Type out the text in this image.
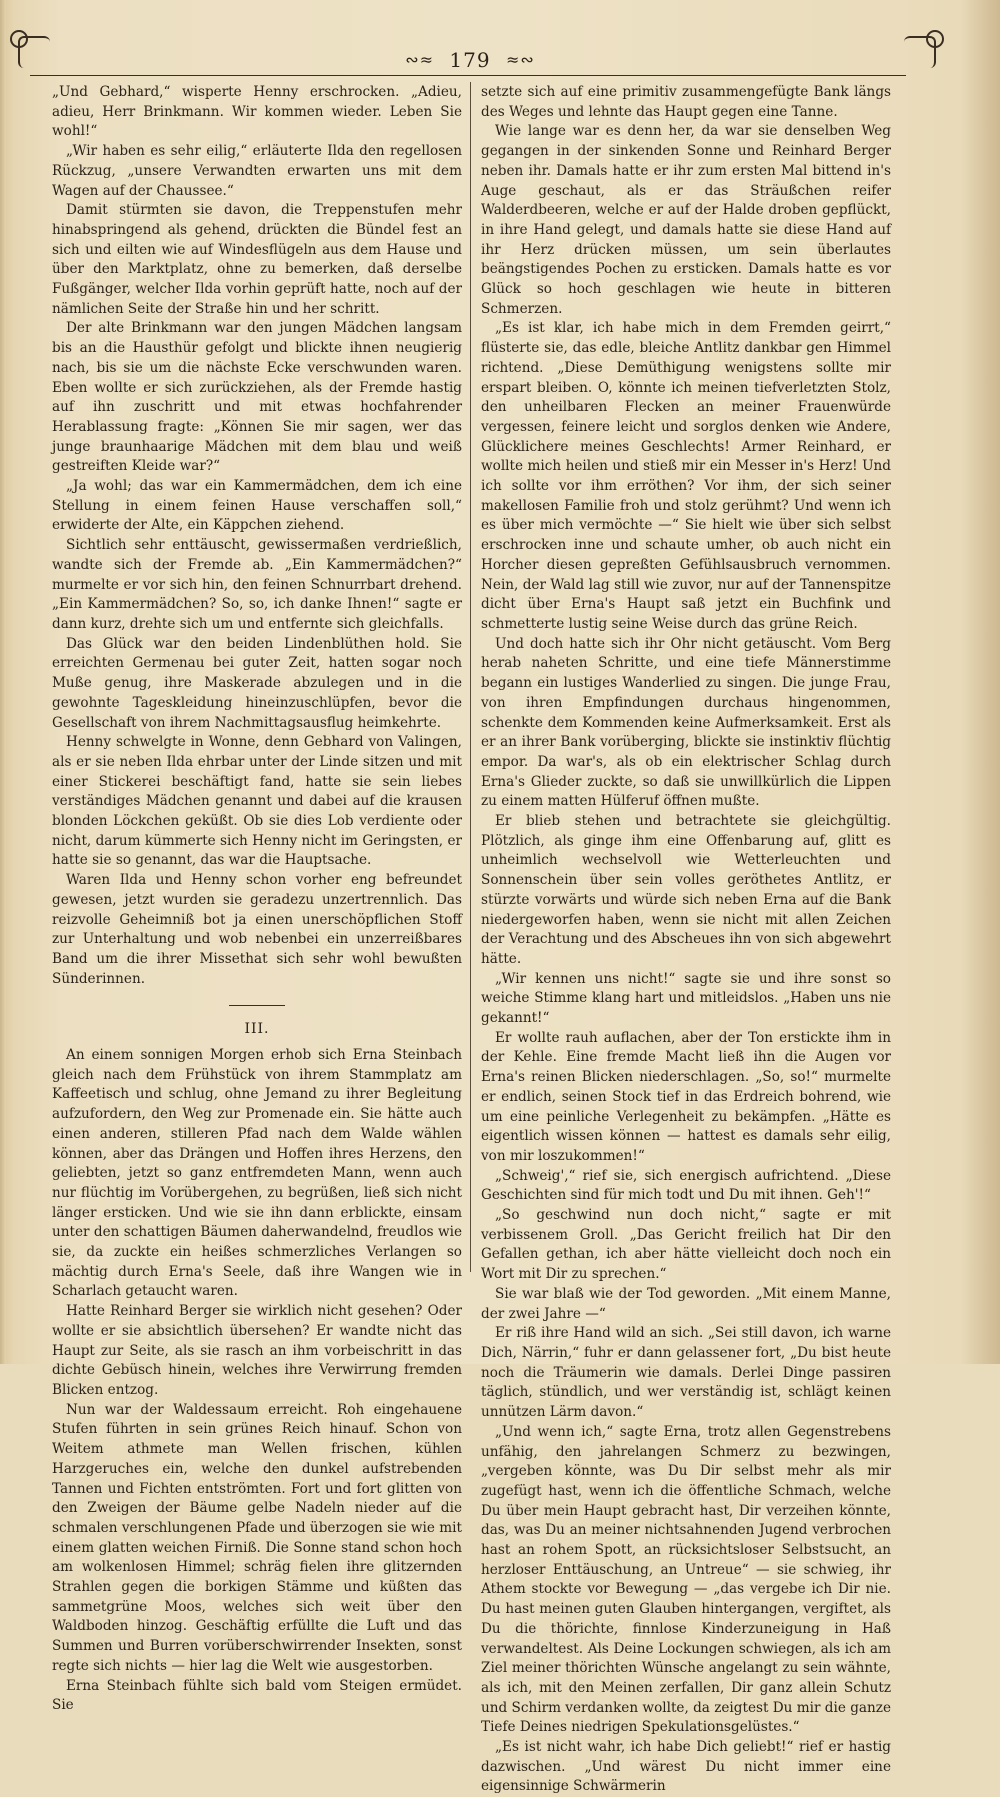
∾≈ 179 ≈∾

„Und Gebhard,“ wisperte Henny erschrocken. „Adieu, adieu, Herr Brinkmann. Wir kommen wieder. Leben Sie wohl!“

„Wir haben es sehr eilig,“ erläuterte Ilda den regellosen Rückzug, „unsere Verwandten erwarten uns mit dem Wagen auf der Chaussee.“

Damit stürmten sie davon, die Treppenstufen mehr hinabspringend als gehend, drückten die Bündel fest an sich und eilten wie auf Windesflügeln aus dem Hause und über den Marktplatz, ohne zu bemerken, daß derselbe Fußgänger, welcher Ilda vorhin geprüft hatte, noch auf der nämlichen Seite der Straße hin und her schritt.

Der alte Brinkmann war den jungen Mädchen langsam bis an die Hausthür gefolgt und blickte ihnen neugierig nach, bis sie um die nächste Ecke verschwunden waren. Eben wollte er sich zurückziehen, als der Fremde hastig auf ihn zuschritt und mit etwas hochfahrender Herablassung fragte: „Können Sie mir sagen, wer das junge braunhaarige Mädchen mit dem blau und weiß gestreiften Kleide war?“

„Ja wohl; das war ein Kammermädchen, dem ich eine Stellung in einem feinen Hause verschaffen soll,“ erwiderte der Alte, ein Käppchen ziehend.

Sichtlich sehr enttäuscht, gewissermaßen verdrießlich, wandte sich der Fremde ab. „Ein Kammermädchen?“ murmelte er vor sich hin, den feinen Schnurrbart drehend. „Ein Kammermädchen? So, so, ich danke Ihnen!“ sagte er dann kurz, drehte sich um und entfernte sich gleichfalls.

Das Glück war den beiden Lindenblüthen hold. Sie erreichten Germenau bei guter Zeit, hatten sogar noch Muße genug, ihre Maskerade abzulegen und in die gewohnte Tageskleidung hineinzuschlüpfen, bevor die Gesellschaft von ihrem Nachmittagsausflug heimkehrte.

Henny schwelgte in Wonne, denn Gebhard von Valingen, als er sie neben Ilda ehrbar unter der Linde sitzen und mit einer Stickerei beschäftigt fand, hatte sie sein liebes verständiges Mädchen genannt und dabei auf die krausen blonden Löckchen geküßt. Ob sie dies Lob verdiente oder nicht, darum kümmerte sich Henny nicht im Geringsten, er hatte sie so genannt, das war die Hauptsache.

Waren Ilda und Henny schon vorher eng befreundet gewesen, jetzt wurden sie geradezu unzertrennlich. Das reizvolle Geheimniß bot ja einen unerschöpflichen Stoff zur Unterhaltung und wob nebenbei ein unzerreißbares Band um die ihrer Missethat sich sehr wohl bewußten Sünderinnen.

III.

An einem sonnigen Morgen erhob sich Erna Steinbach gleich nach dem Frühstück von ihrem Stammplatz am Kaffeetisch und schlug, ohne Jemand zu ihrer Begleitung aufzufordern, den Weg zur Promenade ein. Sie hätte auch einen anderen, stilleren Pfad nach dem Walde wählen können, aber das Drängen und Hoffen ihres Herzens, den geliebten, jetzt so ganz entfremdeten Mann, wenn auch nur flüchtig im Vorübergehen, zu begrüßen, ließ sich nicht länger ersticken. Und wie sie ihn dann erblickte, einsam unter den schattigen Bäumen daherwandelnd, freudlos wie sie, da zuckte ein heißes schmerzliches Verlangen so mächtig durch Erna's Seele, daß ihre Wangen wie in Scharlach getaucht waren.

Hatte Reinhard Berger sie wirklich nicht gesehen? Oder wollte er sie absichtlich übersehen? Er wandte nicht das Haupt zur Seite, als sie rasch an ihm vorbeischritt in das dichte Gebüsch hinein, welches ihre Verwirrung fremden Blicken entzog.

Nun war der Waldessaum erreicht. Roh eingehauene Stufen führten in sein grünes Reich hinauf. Schon von Weitem athmete man Wellen frischen, kühlen Harzgeruches ein, welche den dunkel aufstrebenden Tannen und Fichten entströmten. Fort und fort glitten von den Zweigen der Bäume gelbe Nadeln nieder auf die schmalen verschlungenen Pfade und überzogen sie wie mit einem glatten weichen Firniß. Die Sonne stand schon hoch am wolkenlosen Himmel; schräg fielen ihre glitzernden Strahlen gegen die borkigen Stämme und küßten das sammetgrüne Moos, welches sich weit über den Waldboden hinzog. Geschäftig erfüllte die Luft und das Summen und Burren vorüberschwirrender Insekten, sonst regte sich nichts — hier lag die Welt wie ausgestorben.

Erna Steinbach fühlte sich bald vom Steigen ermüdet. Sie

setzte sich auf eine primitiv zusammengefügte Bank längs des Weges und lehnte das Haupt gegen eine Tanne.

Wie lange war es denn her, da war sie denselben Weg gegangen in der sinkenden Sonne und Reinhard Berger neben ihr. Damals hatte er ihr zum ersten Mal bittend in's Auge geschaut, als er das Sträußchen reifer Walderdbeeren, welche er auf der Halde droben gepflückt, in ihre Hand gelegt, und damals hatte sie diese Hand auf ihr Herz drücken müssen, um sein überlautes beängstigendes Pochen zu ersticken. Damals hatte es vor Glück so hoch geschlagen wie heute in bitteren Schmerzen.

„Es ist klar, ich habe mich in dem Fremden geirrt,“ flüsterte sie, das edle, bleiche Antlitz dankbar gen Himmel richtend. „Diese Demüthigung wenigstens sollte mir erspart bleiben. O, könnte ich meinen tiefverletzten Stolz, den unheilbaren Flecken an meiner Frauenwürde vergessen, feinere leicht und sorglos denken wie Andere, Glücklichere meines Geschlechts! Armer Reinhard, er wollte mich heilen und stieß mir ein Messer in's Herz! Und ich sollte vor ihm erröthen? Vor ihm, der sich seiner makellosen Familie froh und stolz gerühmt? Und wenn ich es über mich vermöchte —“ Sie hielt wie über sich selbst erschrocken inne und schaute umher, ob auch nicht ein Horcher diesen gepreßten Gefühlsausbruch vernommen. Nein, der Wald lag still wie zuvor, nur auf der Tannenspitze dicht über Erna's Haupt saß jetzt ein Buchfink und schmetterte lustig seine Weise durch das grüne Reich.

Und doch hatte sich ihr Ohr nicht getäuscht. Vom Berg herab naheten Schritte, und eine tiefe Männerstimme begann ein lustiges Wanderlied zu singen. Die junge Frau, von ihren Empfindungen durchaus hingenommen, schenkte dem Kommenden keine Aufmerksamkeit. Erst als er an ihrer Bank vorüberging, blickte sie instinktiv flüchtig empor. Da war's, als ob ein elektrischer Schlag durch Erna's Glieder zuckte, so daß sie unwillkürlich die Lippen zu einem matten Hülferuf öffnen mußte.

Er blieb stehen und betrachtete sie gleichgültig. Plötzlich, als ginge ihm eine Offenbarung auf, glitt es unheimlich wechselvoll wie Wetterleuchten und Sonnenschein über sein volles geröthetes Antlitz, er stürzte vorwärts und würde sich neben Erna auf die Bank niedergeworfen haben, wenn sie nicht mit allen Zeichen der Verachtung und des Abscheues ihn von sich abgewehrt hätte.

„Wir kennen uns nicht!“ sagte sie und ihre sonst so weiche Stimme klang hart und mitleidslos. „Haben uns nie gekannt!“

Er wollte rauh auflachen, aber der Ton erstickte ihm in der Kehle. Eine fremde Macht ließ ihn die Augen vor Erna's reinen Blicken niederschlagen. „So, so!“ murmelte er endlich, seinen Stock tief in das Erdreich bohrend, wie um eine peinliche Verlegenheit zu bekämpfen. „Hätte es eigentlich wissen können — hattest es damals sehr eilig, von mir loszukommen!“

„Schweig',“ rief sie, sich energisch aufrichtend. „Diese Geschichten sind für mich todt und Du mit ihnen. Geh'!“

„So geschwind nun doch nicht,“ sagte er mit verbissenem Groll. „Das Gericht freilich hat Dir den Gefallen gethan, ich aber hätte vielleicht doch noch ein Wort mit Dir zu sprechen.“

Sie war blaß wie der Tod geworden. „Mit einem Manne, der zwei Jahre —“

Er riß ihre Hand wild an sich. „Sei still davon, ich warne Dich, Närrin,“ fuhr er dann gelassener fort, „Du bist heute noch die Träumerin wie damals. Derlei Dinge passiren täglich, stündlich, und wer verständig ist, schlägt keinen unnützen Lärm davon.“

„Und wenn ich,“ sagte Erna, trotz allen Gegenstrebens unfähig, den jahrelangen Schmerz zu bezwingen, „vergeben könnte, was Du Dir selbst mehr als mir zugefügt hast, wenn ich die öffentliche Schmach, welche Du über mein Haupt gebracht hast, Dir verzeihen könnte, das, was Du an meiner nichtsahnenden Jugend verbrochen hast an rohem Spott, an rücksichtsloser Selbstsucht, an herzloser Enttäuschung, an Untreue“ — sie schwieg, ihr Athem stockte vor Bewegung — „das vergebe ich Dir nie. Du hast meinen guten Glauben hintergangen, vergiftet, als Du die thörichte, finnlose Kinderzuneigung in Haß verwandeltest. Als Deine Lockungen schwiegen, als ich am Ziel meiner thörichten Wünsche angelangt zu sein wähnte, als ich, mit den Meinen zerfallen, Dir ganz allein Schutz und Schirm verdanken wollte, da zeigtest Du mir die ganze Tiefe Deines niedrigen Spekulationsgelüstes.“

„Es ist nicht wahr, ich habe Dich geliebt!“ rief er hastig dazwischen. „Und wärest Du nicht immer eine eigensinnige Schwärmerin
